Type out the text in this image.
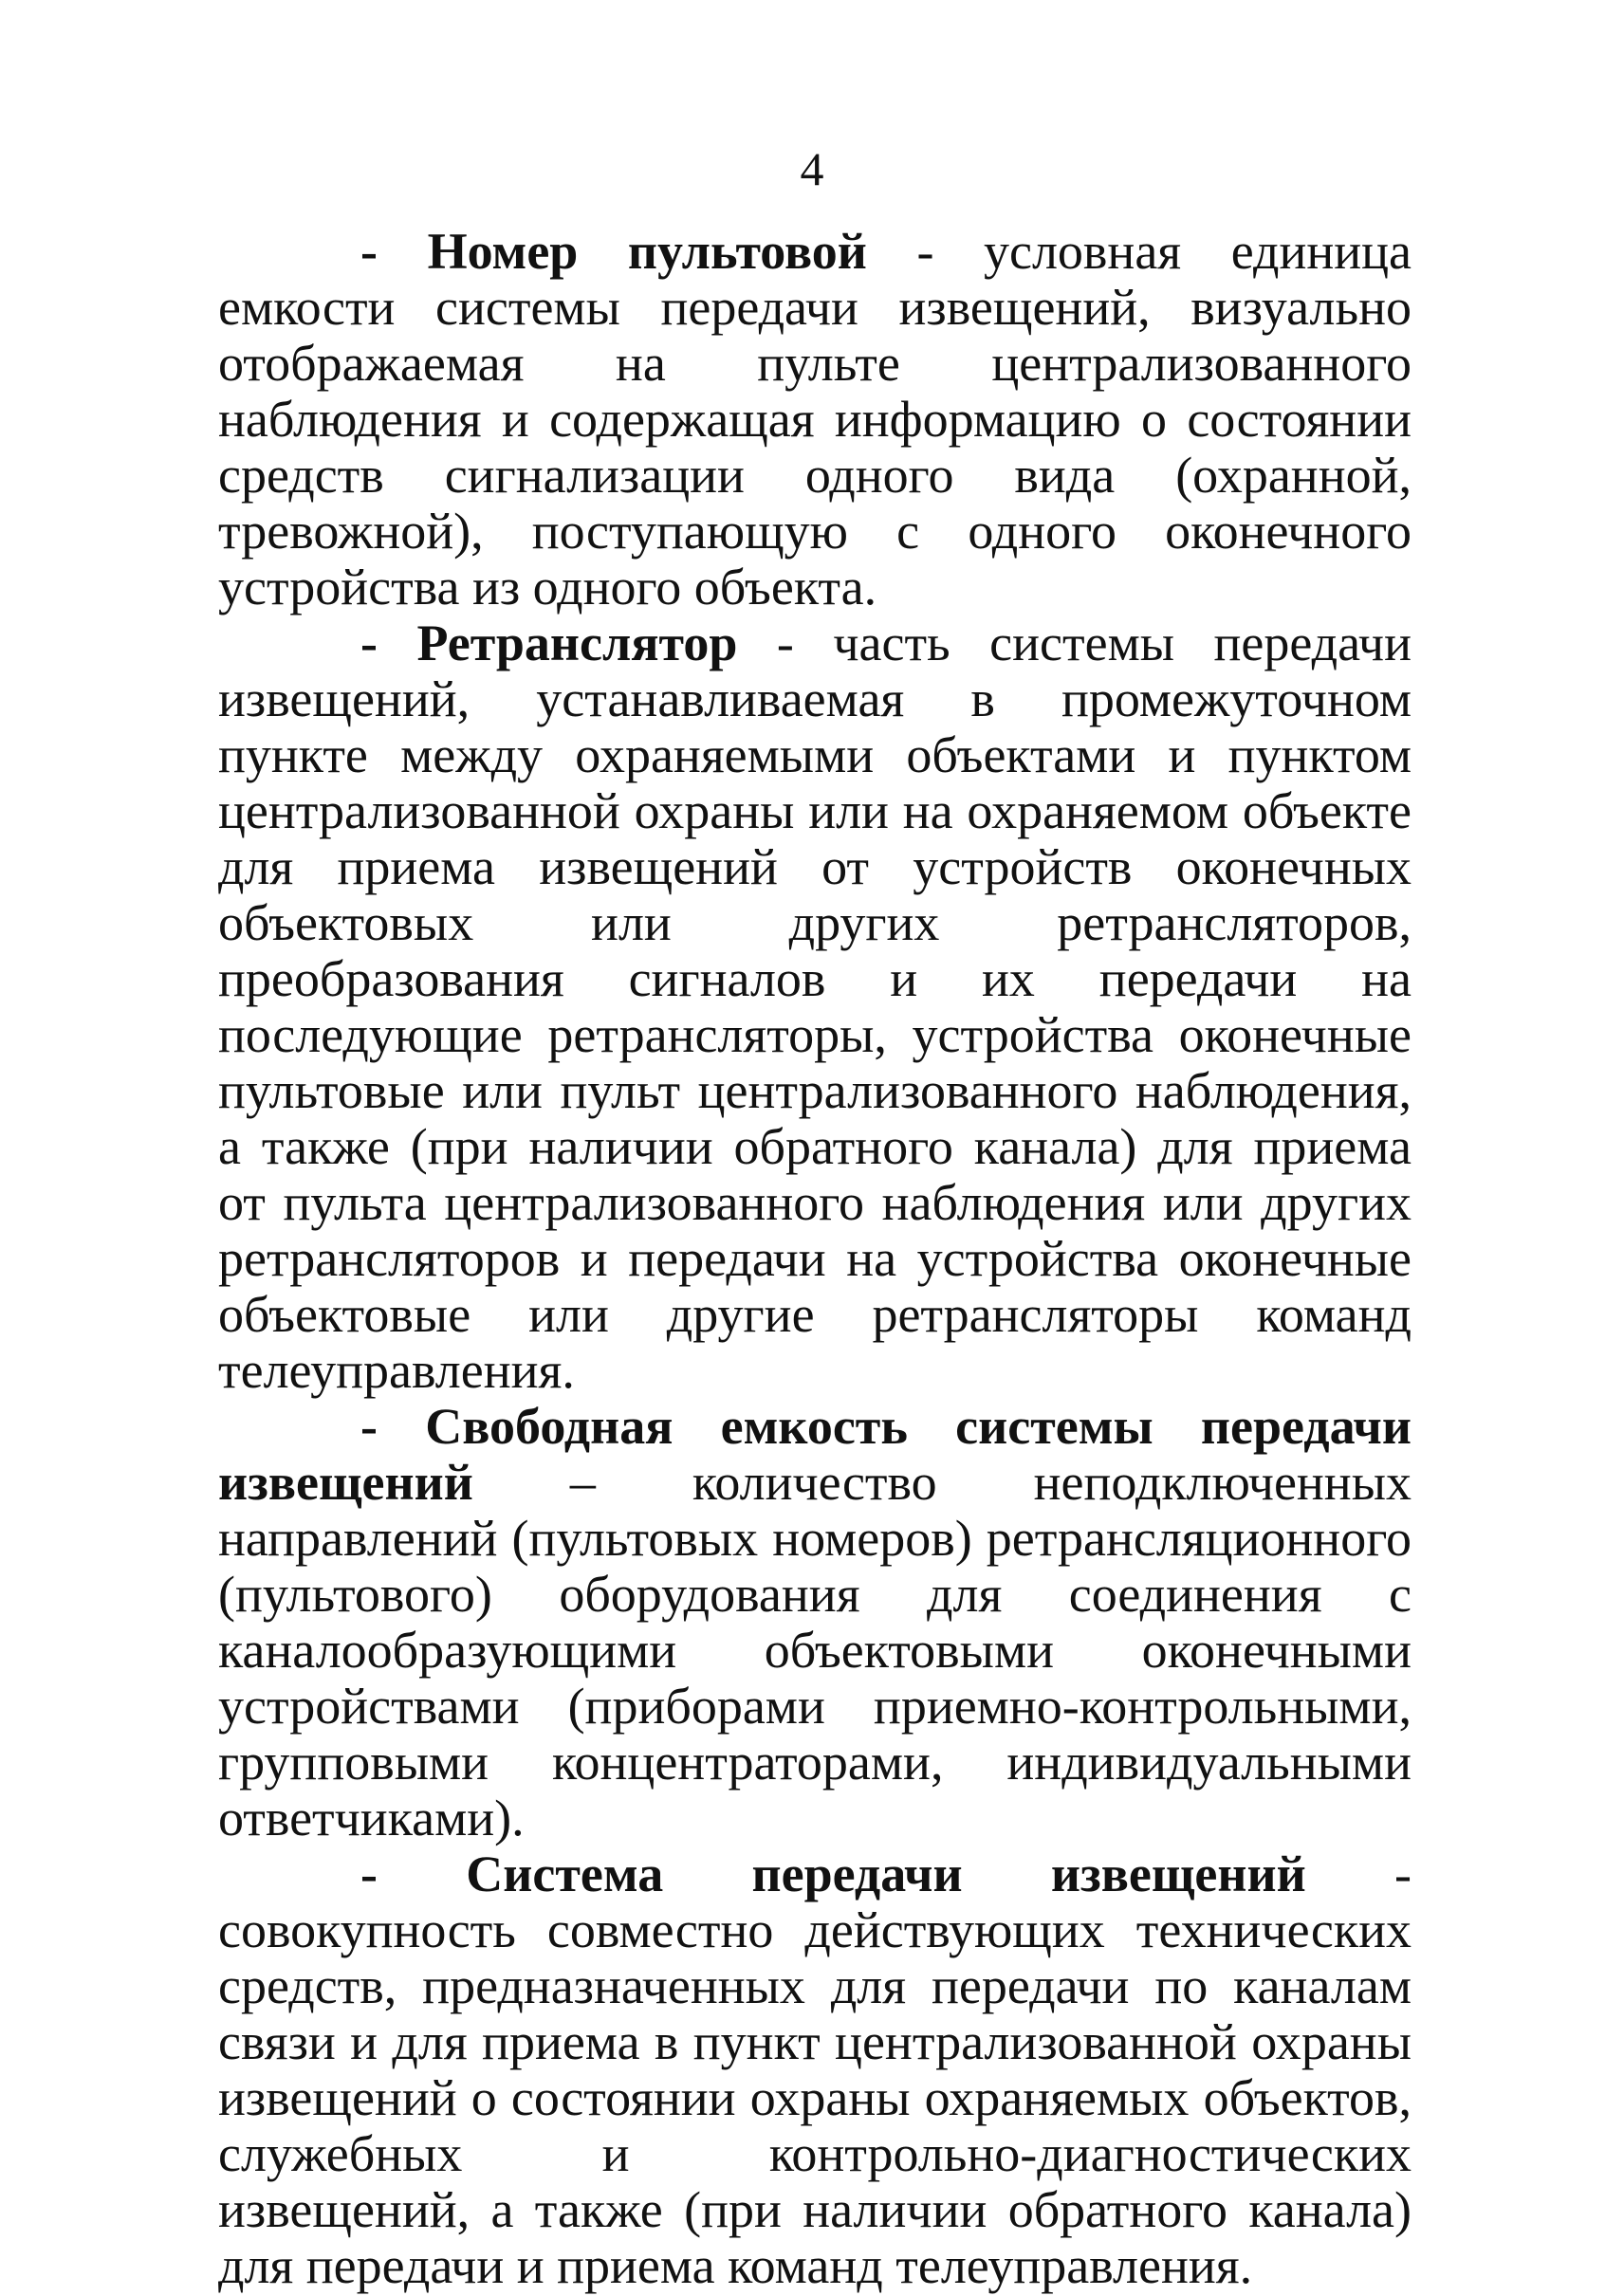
4

- Номер пультовой - условная единица емкости системы передачи извещений, визуально отображаемая на пульте централизованного наблюдения и содержащая информацию о состоянии средств сигнализации одного вида (охранной, тревожной), поступающую с одного оконечного устройства из одного объекта.

- Ретранслятор - часть системы передачи извещений, устанавливаемая в промежуточном пункте между охраняемыми объектами и пунктом централизованной охраны или на охраняемом объекте для приема извещений от устройств оконечных объектовых или других ретрансляторов, преобразования сигналов и их передачи на последующие ретрансляторы, устройства оконечные пультовые или пульт централизованного наблюдения, а также (при наличии обратного канала) для приема от пульта централизованного наблюдения или других ретрансляторов и передачи на устройства оконечные объектовые или другие ретрансляторы команд телеуправления.

- Свободная емкость системы передачи извещений – количество неподключенных направлений (пультовых номеров) ретрансляционного (пультового) оборудования для соединения с каналообразующими объектовыми оконечными устройствами (приборами приемно-контрольными, групповыми концентраторами, индивидуальными ответчиками).

- Система передачи извещений - совокупность совместно действующих технических средств, предназначенных для передачи по каналам связи и для приема в пункт централизованной охраны извещений о состоянии охраны охраняемых объектов, служебных и контрольно-диагностических извещений, а также (при наличии обратного канала) для передачи и приема команд телеуправления.
